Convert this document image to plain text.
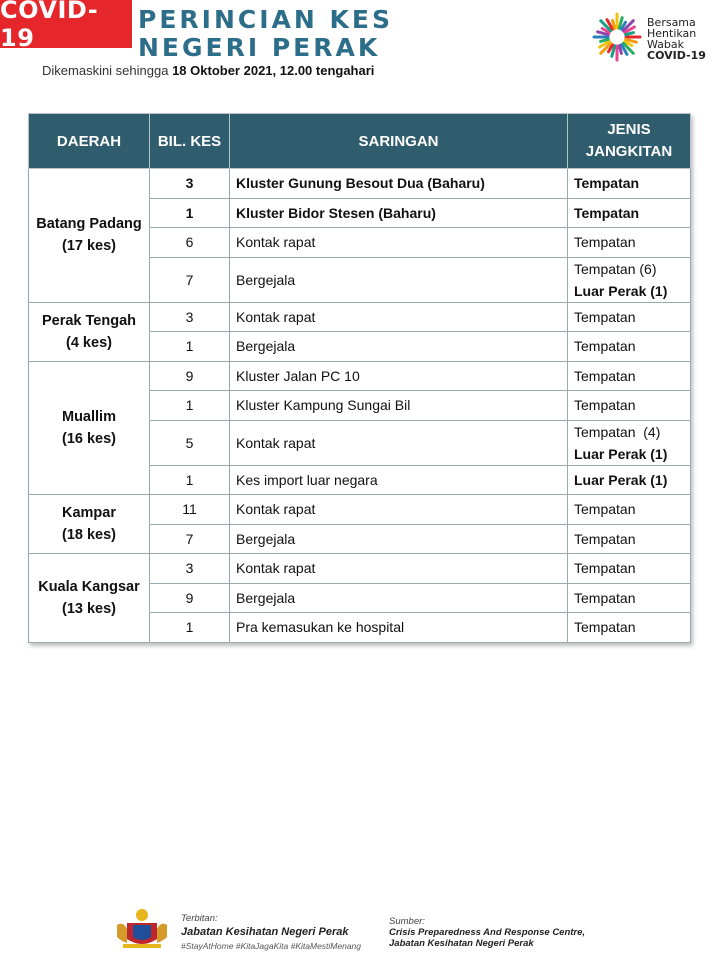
COVID-19
PERINCIAN KES
NEGERI PERAK
Dikemaskini sehingga 18 Oktober 2021, 12.00 tengahari
Bersama
Hentikan
Wabak
COVID-19
DAERAH	BIL. KES	SARINGAN	JENIS JANGKITAN

Batang Padang
(17 kes)	3	Kluster Gunung Besout Dua (Baharu)	Tempatan

	1	Kluster Bidor Stesen (Baharu)	Tempatan

	6	Kontak rapat	Tempatan

	7	Bergejala	Tempatan (6)
Luar Perak (1)

Perak Tengah
(4 kes)	3	Kontak rapat	Tempatan

	1	Bergejala	Tempatan

Muallim
(16 kes)	9	Kluster Jalan PC 10	Tempatan

	1	Kluster Kampung Sungai Bil	Tempatan

	5	Kontak rapat	Tempatan  (4)
Luar Perak (1)

	1	Kes import luar negara	Luar Perak (1)

Kampar
(18 kes)	11	Kontak rapat	Tempatan

	7	Bergejala	Tempatan

Kuala Kangsar
(13 kes)	3	Kontak rapat	Tempatan

	9	Bergejala	Tempatan

	1	Pra kemasukan ke hospital	Tempatan
Terbitan:
Jabatan Kesihatan Negeri Perak
#StayAtHome #KitaJagaKita #KitaMestiMenang
Sumber:
Crisis Preparedness And Response Centre,
Jabatan Kesihatan Negeri Perak
